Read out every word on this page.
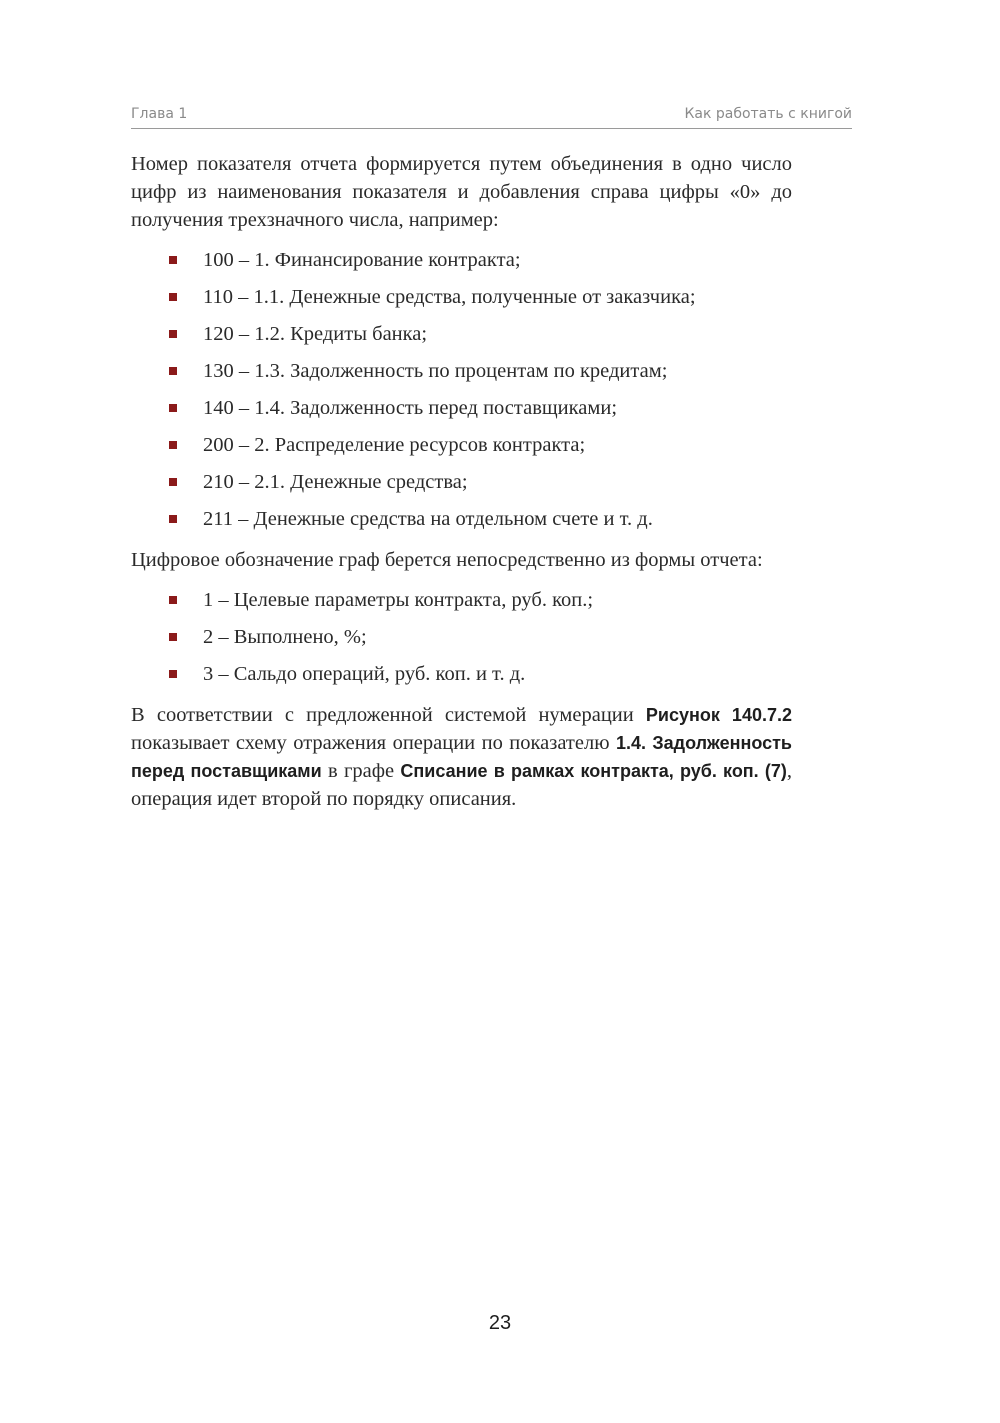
Глава 1	Как работать с книгой

Номер показателя отчета формируется путем объединения в одно число цифр из наименования показателя и добавления справа цифры «0» до получения трехзначного числа, например:

100 – 1. Финансирование контракта;
110 – 1.1. Денежные средства, полученные от заказчика;
120 – 1.2. Кредиты банка;
130 – 1.3. Задолженность по процентам по кредитам;
140 – 1.4. Задолженность перед поставщиками;
200 – 2. Распределение ресурсов контракта;
210 – 2.1. Денежные средства;
211 – Денежные средства на отдельном счете и т. д.

Цифровое обозначение граф берется непосредственно из формы отчета:

1 – Целевые параметры контракта, руб. коп.;
2 – Выполнено, %;
3 – Сальдо операций, руб. коп. и т. д.

В соответствии с предложенной системой нумерации Рисунок 140.7.2 показывает схему отражения операции по показателю 1.4. Задолженность перед поставщиками в графе Списание в рамках контракта, руб. коп. (7), операция идет второй по порядку описания.

23
